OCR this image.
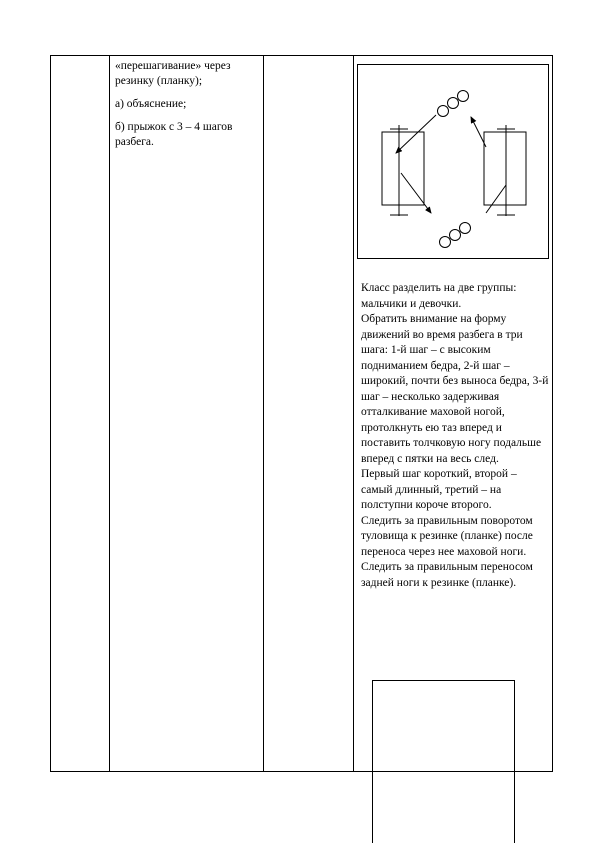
«перешагивание» через резинку (планку);

а) объяснение;

б) прыжок с 3 – 4 шагов разбега.

Класс разделить на две группы: мальчики и девочки.

Обратить внимание на форму движений во время разбега в три шага: 1-й шаг – с высоким подниманием бедра, 2-й шаг – широкий, почти без выноса бедра, 3-й шаг – несколько задерживая отталкивание маховой ногой, протолкнуть ею таз вперед и поставить толчковую ногу подальше вперед с пятки на весь след.

Первый шаг короткий, второй – самый длинный, третий – на полступни короче второго.

Следить за правильным поворотом туловища к резинке (планке) после переноса через нее маховой ноги.

Следить за правильным переносом задней ноги к резинке (планке).
